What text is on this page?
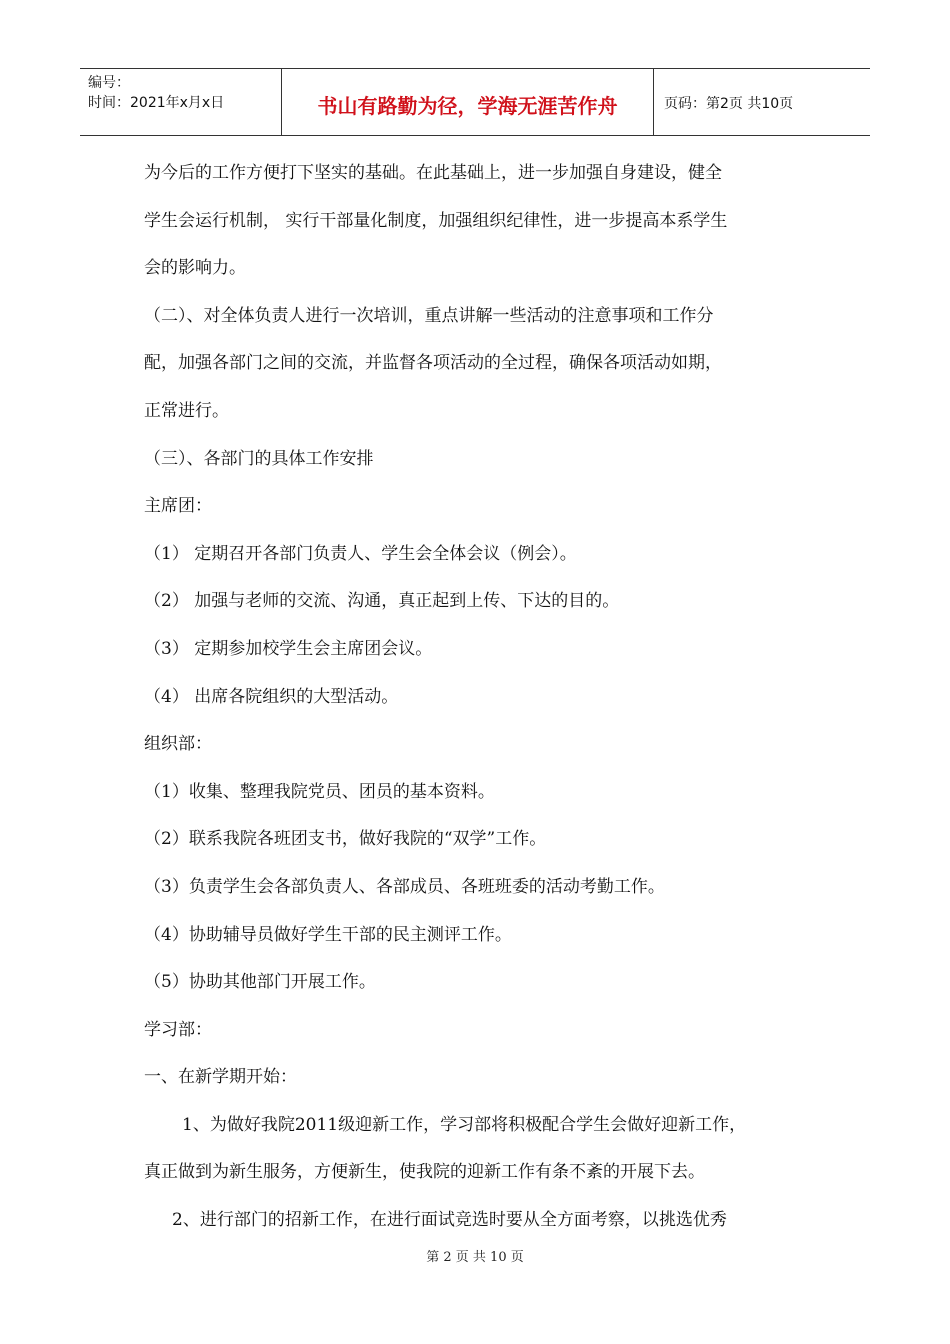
编号：
时间：2021年x月x日	书山有路勤为径，学海无涯苦作舟	页码：第2页 共10页
为今后的工作方便打下坚实的基础。在此基础上，进一步加强自身建设，健全
学生会运行机制， 实行干部量化制度，加强组织纪律性，进一步提高本系学生
会的影响力。
（二）、对全体负责人进行一次培训，重点讲解一些活动的注意事项和工作分
配，加强各部门之间的交流，并监督各项活动的全过程，确保各项活动如期，
正常进行。
（三）、各部门的具体工作安排
主席团：
（1） 定期召开各部门负责人、学生会全体会议（例会）。
（2） 加强与老师的交流、沟通，真正起到上传、下达的目的。
（3） 定期参加校学生会主席团会议。
（4） 出席各院组织的大型活动。
组织部：
（1）收集、整理我院党员、团员的基本资料。
（2）联系我院各班团支书，做好我院的“双学”工作。
（3）负责学生会各部负责人、各部成员、各班班委的活动考勤工作。
（4）协助辅导员做好学生干部的民主测评工作。
（5）协助其他部门开展工作。
学习部：
一、在新学期开始：
1、为做好我院2011级迎新工作，学习部将积极配合学生会做好迎新工作，
真正做到为新生服务，方便新生，使我院的迎新工作有条不紊的开展下去。
2、进行部门的招新工作，在进行面试竞选时要从全方面考察，以挑选优秀
第 2 页 共 10 页
